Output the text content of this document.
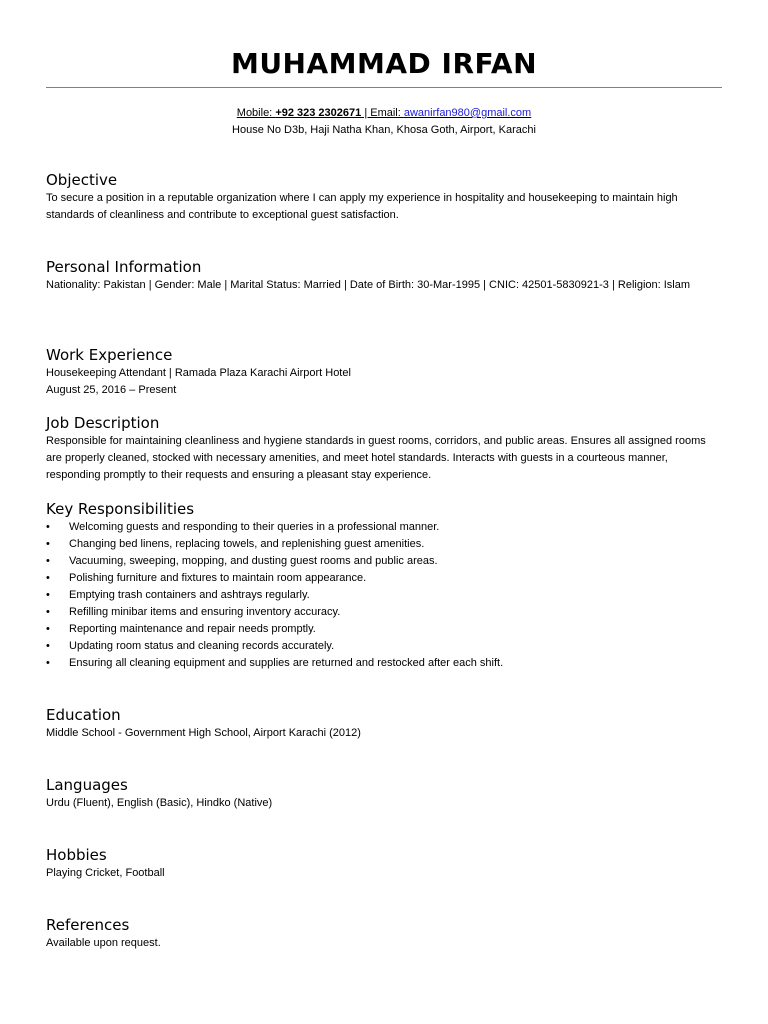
MUHAMMAD IRFAN
Mobile: +92 323 2302671 | Email: awanirfan980@gmail.com
House No D3b, Haji Natha Khan, Khosa Goth, Airport, Karachi
Objective
To secure a position in a reputable organization where I can apply my experience in hospitality and housekeeping to maintain high standards of cleanliness and contribute to exceptional guest satisfaction.
Personal Information
Nationality: Pakistan | Gender: Male | Marital Status: Married | Date of Birth: 30-Mar-1995 | CNIC: 42501-5830921-3 | Religion: Islam
Work Experience
Housekeeping Attendant | Ramada Plaza Karachi Airport Hotel
August 25, 2016 – Present
Job Description
Responsible for maintaining cleanliness and hygiene standards in guest rooms, corridors, and public areas. Ensures all assigned rooms are properly cleaned, stocked with necessary amenities, and meet hotel standards. Interacts with guests in a courteous manner, responding promptly to their requests and ensuring a pleasant stay experience.
Key Responsibilities
• Welcoming guests and responding to their queries in a professional manner.
• Changing bed linens, replacing towels, and replenishing guest amenities.
• Vacuuming, sweeping, mopping, and dusting guest rooms and public areas.
• Polishing furniture and fixtures to maintain room appearance.
• Emptying trash containers and ashtrays regularly.
• Refilling minibar items and ensuring inventory accuracy.
• Reporting maintenance and repair needs promptly.
• Updating room status and cleaning records accurately.
• Ensuring all cleaning equipment and supplies are returned and restocked after each shift.
Education
Middle School - Government High School, Airport Karachi (2012)
Languages
Urdu (Fluent), English (Basic), Hindko (Native)
Hobbies
Playing Cricket, Football
References
Available upon request.
